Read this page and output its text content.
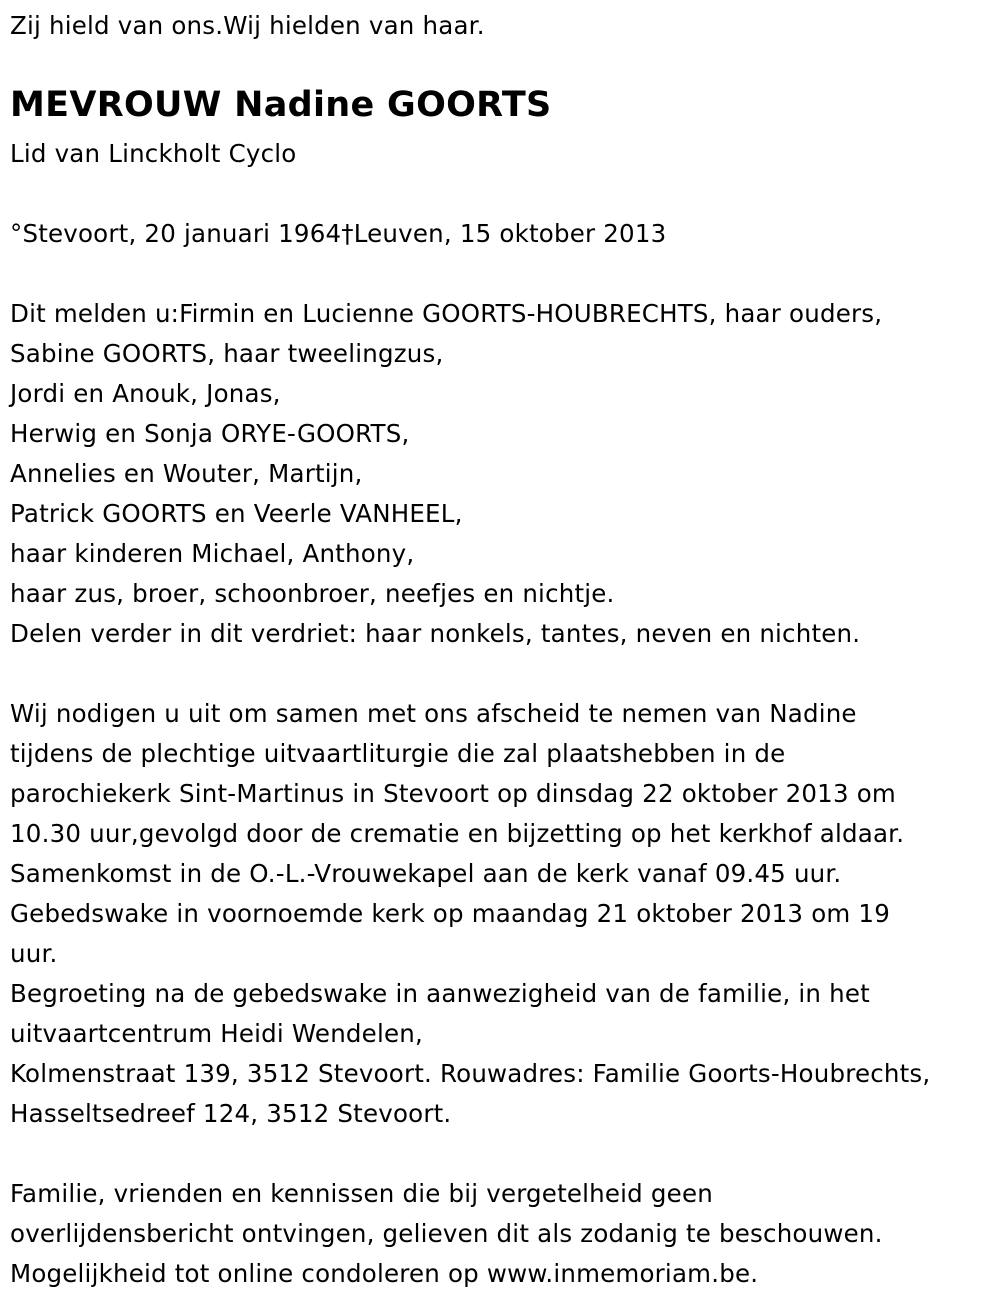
Zij hield van ons.Wij hielden van haar.
MEVROUW Nadine GOORTS
Lid van Linckholt Cyclo
°Stevoort, 20 januari 1964†Leuven, 15 oktober 2013
Dit melden u:Firmin en Lucienne GOORTS-HOUBRECHTS, haar ouders,
Sabine GOORTS, haar tweelingzus,
Jordi en Anouk, Jonas,
Herwig en Sonja ORYE-GOORTS,
Annelies en Wouter, Martijn,
Patrick GOORTS en Veerle VANHEEL,
haar kinderen Michael, Anthony,
haar zus, broer, schoonbroer, neefjes en nichtje.
Delen verder in dit verdriet: haar nonkels, tantes, neven en nichten.
Wij nodigen u uit om samen met ons afscheid te nemen van Nadine
tijdens de plechtige uitvaartliturgie die zal plaatshebben in de
parochiekerk Sint-Martinus in Stevoort op dinsdag 22 oktober 2013 om
10.30 uur,gevolgd door de crematie en bijzetting op het kerkhof aldaar.
Samenkomst in de O.-L.-Vrouwekapel aan de kerk vanaf 09.45 uur.
Gebedswake in voornoemde kerk op maandag 21 oktober 2013 om 19
uur.
Begroeting na de gebedswake in aanwezigheid van de familie, in het
uitvaartcentrum Heidi Wendelen,
Kolmenstraat 139, 3512 Stevoort. Rouwadres: Familie Goorts-Houbrechts,
Hasseltsedreef 124, 3512 Stevoort.
Familie, vrienden en kennissen die bij vergetelheid geen
overlijdensbericht ontvingen, gelieven dit als zodanig te beschouwen.
Mogelijkheid tot online condoleren op www.inmemoriam.be.
